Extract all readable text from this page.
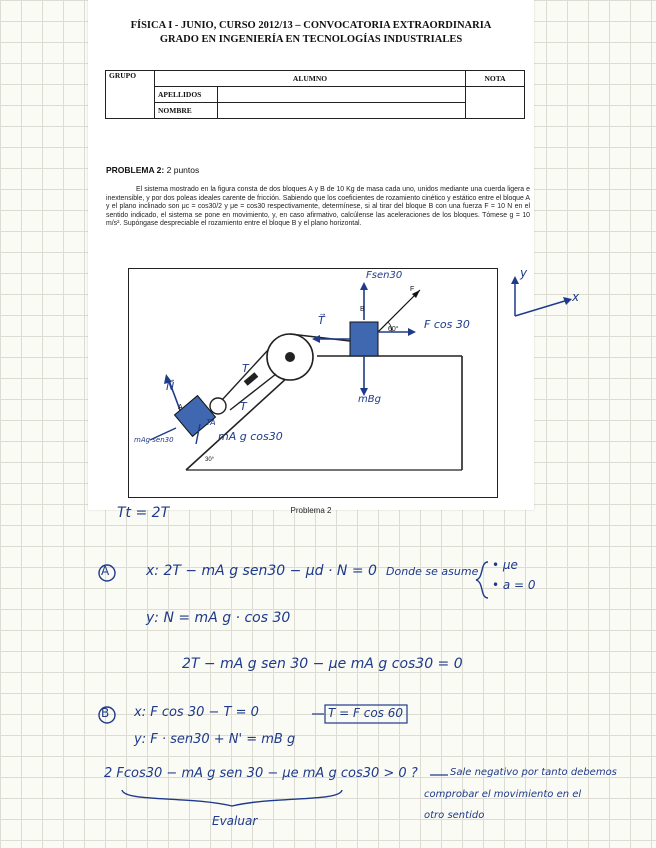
FÍSICA I - JUNIO, CURSO 2012/13 – CONVOCATORIA EXTRAORDINARIA
GRADO EN INGENIERÍA EN TECNOLOGÍAS INDUSTRIALES
GRUPO	ALUMNO		NOTA
	APELLIDOS		
	NOMBRE		
PROBLEMA 2: 2 puntos
El sistema mostrado en la figura consta de dos bloques A y B de 10 Kg de masa cada uno, unidos mediante una cuerda ligera e inextensible, y por dos poleas ideales carente de fricción. Sabiendo que los coeficientes de rozamiento cinético y estático entre el bloque A y el plano inclinado son μc = cos30/2 y μe = cos30 respectivamente, determínese, si al tirar del bloque B con una fuerza F = 10 N en el sentido indicado, el sistema se pone en movimiento, y, en caso afirmativo, calcúlense las aceleraciones de los bloques. Tómese g = 10 m/s². Supóngase despreciable el rozamiento entre el bloque B y el plano horizontal.
Problema 2
B
F
60°
A
30°
Fsen30
F cos 30
T⃗
T
T
N⃗
TA
mA g cos30
mAg sen30
mBg
y
x
Tt = 2T
A	x: 2T − mA g sen30 − μd · N = 0 Donde se asume • μe
• a = 0
y: N = mA g · cos 30
2T − mA g sen 30 − μe mA g cos30 = 0
B x: F cos 30 − T = 0	T = F cos 60
y: F · sen30 + N' = mB g
2 Fcos30 − mA g sen 30 − μe mA g cos30 > 0 ?	Sale negativo por tanto debemos
comprobar el movimiento en el
otro sentido
Evaluar
